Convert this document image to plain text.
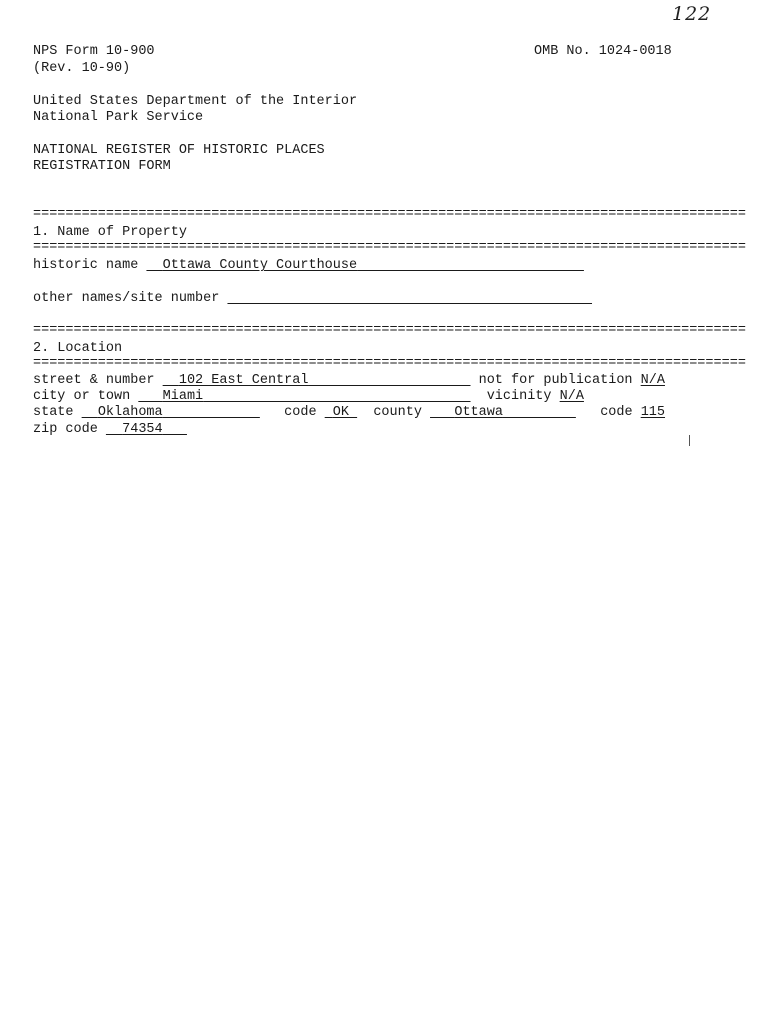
122
NPS Form 10-900	OMB No. 1024-0018
(Rev. 10-90)
United States Department of the Interior
National Park Service
NATIONAL REGISTER OF HISTORIC PLACES
REGISTRATION FORM
========================================================================================
1. Name of Property
========================================================================================
historic name Ottawa County Courthouse
other names/site number
========================================================================================
2. Location
========================================================================================
street & number 102 East Central	not for publication N/A
city or town Miami	vicinity N/A
state Oklahoma	code OK county Ottawa	code 115
zip code 74354
